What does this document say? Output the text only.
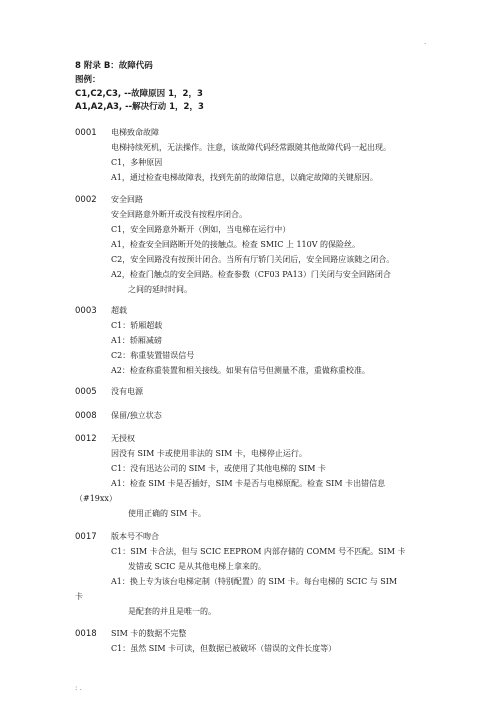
.
8 附录 B：故障代码
图例：
C1,C2,C3, --故障原因 1，2，3
A1,A2,A3, --解决行动 1，2，3
0001 电梯致命故障
电梯持续死机，无法操作。注意，该故障代码经常跟随其他故障代码一起出现。
C1，多种原因
A1，通过检查电梯故障表，找到先前的故障信息，以确定故障的关键原因。
0002 安全回路
安全回路意外断开或没有按程序闭合。
C1，安全回路意外断开（例如，当电梯在运行中）
A1，检查安全回路断开处的接触点。检查 SMIC 上 110V 的保险丝。
C2，安全回路没有按预计闭合。当所有厅轿门关闭后，安全回路应该随之闭合。
A2，检查门触点的安全回路。检查参数（CF03 PA13）门关闭与安全回路闭合
之间的延时时间。
0003 超载
C1：轿厢超载
A1：轿厢减磅
C2：称重装置错误信号
A2：检查称重装置和相关接线。如果有信号但测量不准，重做称重校准。
0005 没有电源
0008 保留/独立状态
0012 无授权
因没有 SIM 卡或使用非法的 SIM 卡，电梯停止运行。
C1：没有迅达公司的 SIM 卡，或使用了其他电梯的 SIM 卡
A1：检查 SIM 卡是否插好，SIM 卡是否与电梯原配。检查 SIM 卡出错信息
（#19xx）
使用正确的 SIM 卡。
0017 版本号不吻合
C1：SIM 卡合法，但与 SCIC EEPROM 内部存储的 COMM 号不匹配。SIM 卡
发错或 SCIC 是从其他电梯上拿来的。
A1：换上专为该台电梯定制（特别配置）的 SIM 卡。每台电梯的 SCIC 与 SIM
卡
是配套的并且是唯一的。
0018 SIM 卡的数据不完整
C1：虽然 SIM 卡可读，但数据已被破坏（错误的文件长度等）
: .
